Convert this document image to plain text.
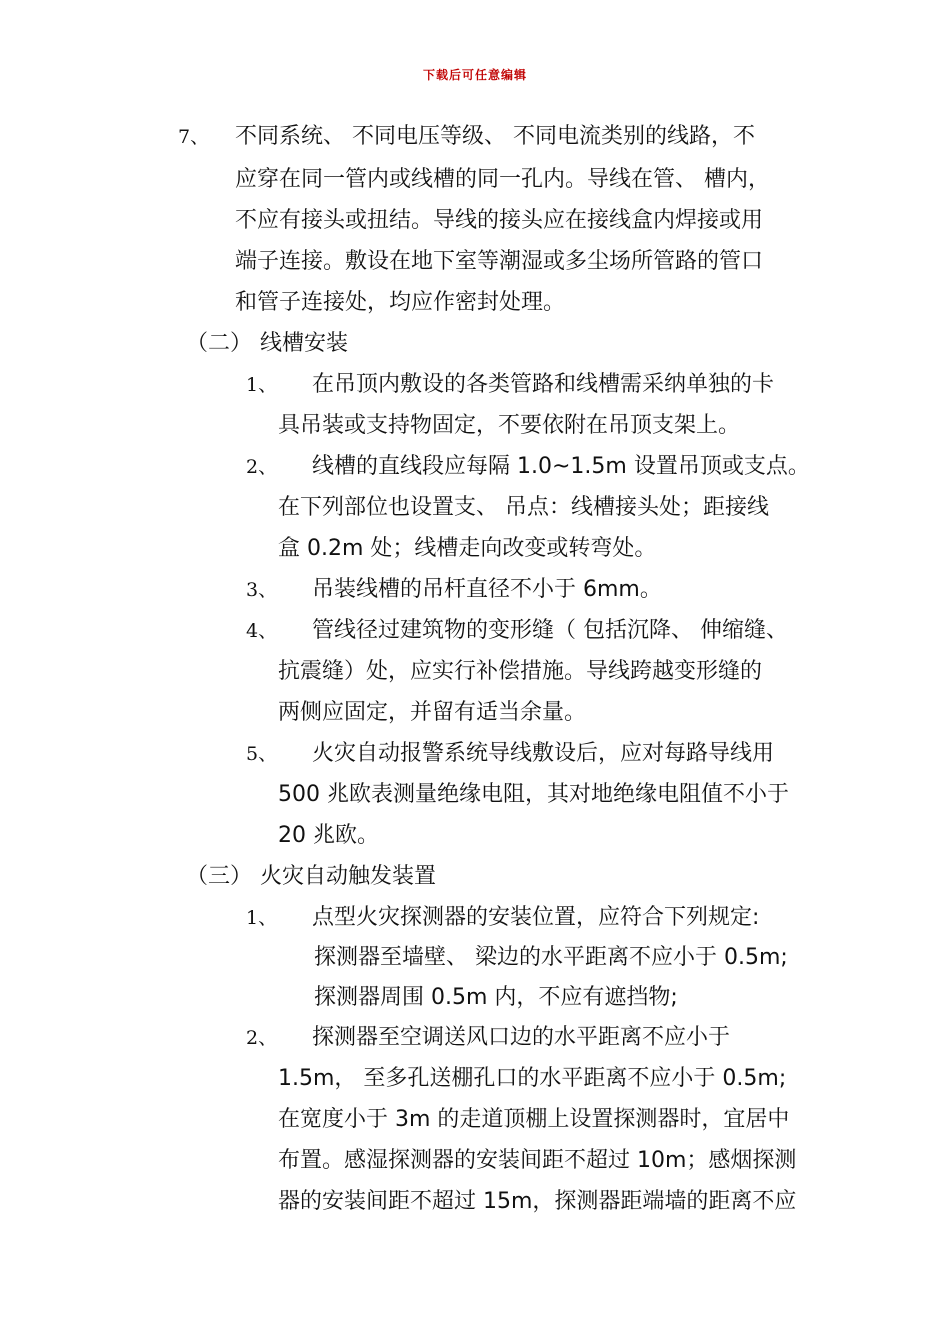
下载后可任意编辑
7、 不同系统、 不同电压等级、 不同电流类别的线路，不
应穿在同一管内或线槽的同一孔内。导线在管、 槽内，
不应有接头或扭结。导线的接头应在接线盒内焊接或用
端子连接。敷设在地下室等潮湿或多尘场所管路的管口
和管子连接处，均应作密封处理。
（二） 线槽安装
1、 在吊顶内敷设的各类管路和线槽需采纳单独的卡
具吊装或支持物固定，不要依附在吊顶支架上。
2、 线槽的直线段应每隔 1.0~1.5m 设置吊顶或支点。
在下列部位也设置支、 吊点：线槽接头处；距接线
盒 0.2m 处；线槽走向改变或转弯处。
3、 吊装线槽的吊杆直径不小于 6mm。
4、 管线径过建筑物的变形缝（ 包括沉降、 伸缩缝、
抗震缝）处，应实行补偿措施。导线跨越变形缝的
两侧应固定，并留有适当余量。
5、 火灾自动报警系统导线敷设后，应对每路导线用
500 兆欧表测量绝缘电阻，其对地绝缘电阻值不小于
20 兆欧。
（三） 火灾自动触发装置
1、 点型火灾探测器的安装位置，应符合下列规定:
探测器至墙壁、 梁边的水平距离不应小于 0.5m;
探测器周围 0.5m 内，不应有遮挡物;
2、 探测器至空调送风口边的水平距离不应小于
1.5m， 至多孔送棚孔口的水平距离不应小于 0.5m;
在宽度小于 3m 的走道顶棚上设置探测器时，宜居中
布置。感湿探测器的安装间距不超过 10m；感烟探测
器的安装间距不超过 15m，探测器距端墙的距离不应
